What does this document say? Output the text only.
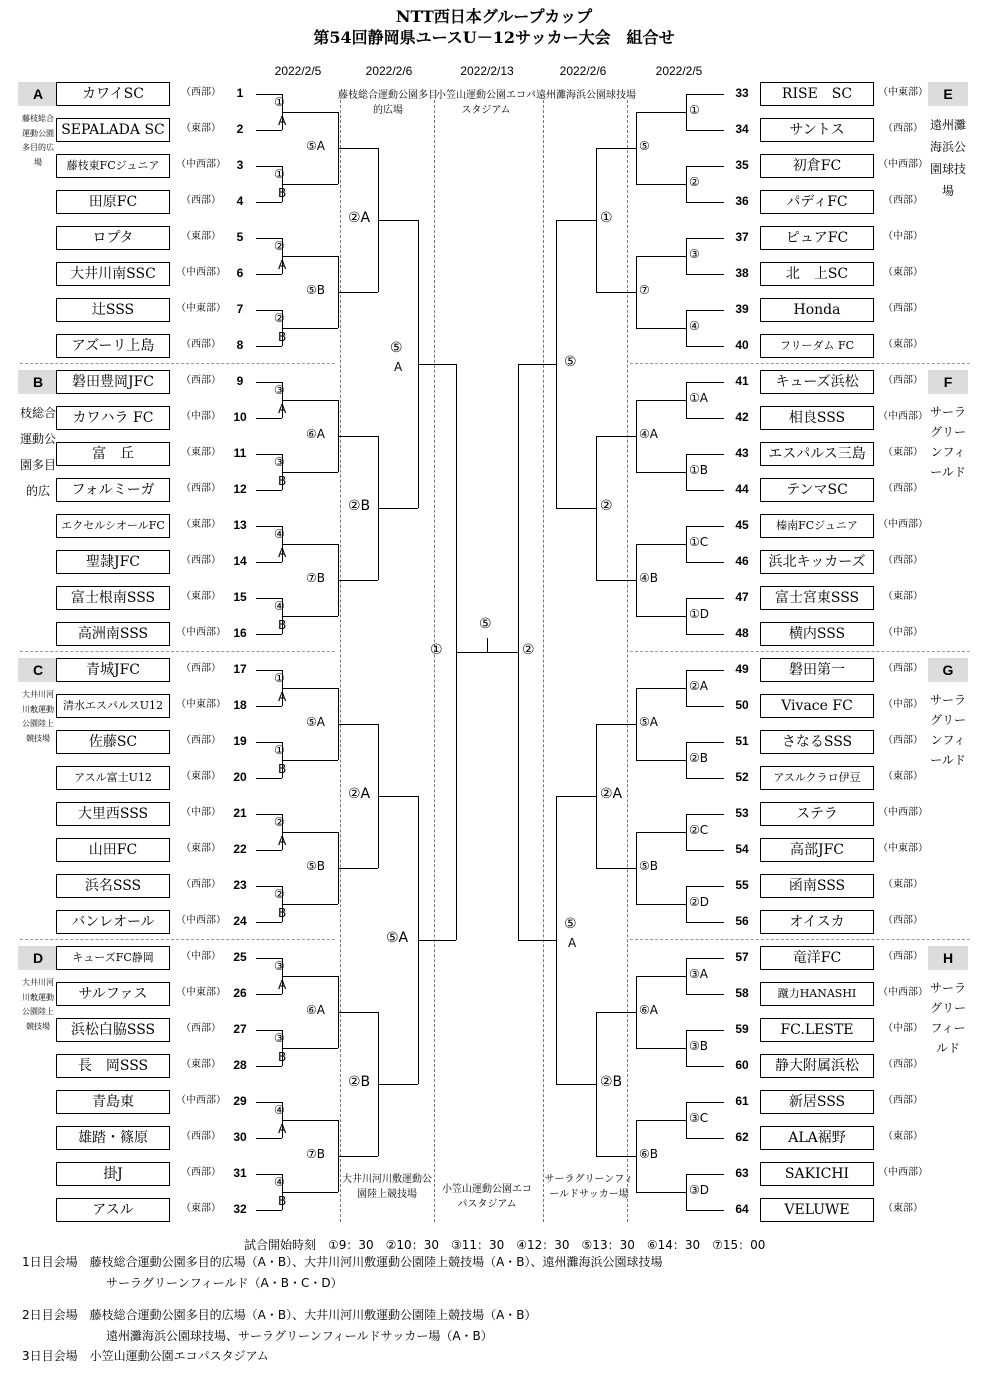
NTT西日本グループカップ
第54回静岡県ユースU－12サッカー大会　組合せ
2022/2/5	2022/2/6	2022/2/13	2022/2/6	2022/2/5
藤枝総合運動公園多目的広場
小笠山運動公園エコパスタジアム
遠州灘海浜公園球技場
大井川河川敷運動公園陸上競技場	小笠山運動公園エコパスタジアム
サーラグリーンフィールドサッカー場
試合開始時刻　①9：30　②10：30　③11：30　④12：30　⑤13：30　⑥14：30　⑦15：00
1日目会場　藤枝総合運動公園多目的広場（A・B）、大井川河川敷運動公園陸上競技場（A・B）、遠州灘海浜公園球技場
　　　　　　　サーラグリーンフィールド（A・B・C・D）
2日目会場　藤枝総合運動公園多目的広場（A・B）、大井川河川敷運動公園陸上競技場（A・B）
　　　　　　　遠州灘海浜公園球技場、サーラグリーンフィールドサッカー場（A・B）
3日目会場　小笠山運動公園エコパスタジアム
A
藤枝総合運動公園多目的広場
B
枝総合運動公園多目的広
C
大井川河川敷運動公園陸上競技場
D
大井川河川敷運動公園陸上競技場
E
遠州灘海浜公園球技場
F
サーラグリーンフィールド
G
サーラグリーンフィールド
H
サーラグリーフィールド
カワイSC	（西部）	1
SEPALADA SC	（東部）	2
藤枝東FCジュニア	（中西部） 3
田原FC	（西部）	4
ロプタ	（東部）	5
大井川南SSC	（中西部） 6
辻SSS	（中東部） 7
アズーリ上島	（西部）	8
磐田豊岡JFC	（西部）	9
カワハラ FC	（中部）	10
富　丘	（東部）	11
フォルミーガ	（西部）	12
エクセルシオールFC	（東部）	13
聖隷JFC	（西部）	14
富士根南SSS	（東部）	15
高洲南SSS	（中西部） 16
青城JFC	（西部）	17
清水エスパルスU12	（中東部） 18
佐藤SC	（西部）	19
アスル富士U12	（東部）	20
大里西SSS	（中部）	21
山田FC	（東部）	22
浜名SSS	（西部）	23
バンレオール	（中西部） 24
キューズFC静岡	（中部）	25
サルファス	（中東部） 26
浜松白脇SSS	（西部）	27
長　岡SSS	（東部）	28
青島東	（中西部） 29
雄踏・篠原	（西部）	30
掛J	（西部）	31
アスル	（東部）	32
33	RISE　SC	（中東部）
34	サントス	（西部）
35	初倉FC	（中西部）
36	パディFC	（西部）
37	ピュアFC	（中部）
38	北　上SC	（東部）
39	Honda	（西部）
40	フリーダム FC	（東部）
41	キューズ浜松	（西部）
42	相良SSS	（中西部）
43	エスパルス三島	（東部）
44	テンマSC	（西部）
45	榛南FCジュニア	（中西部）
46	浜北キッカーズ	（西部）
47	富士宮東SSS	（東部）
48	横内SSS	（中部）
49	磐田第一	（西部）
50	Vivace FC	（中部）
51	さなるSSS	（西部）
52	アスルクラロ伊豆	（東部）
53	ステラ	（中西部）
54	高部JFC	（中東部）
55	函南SSS	（東部）
56	オイスカ	（西部）
57	竜洋FC	（西部）
58	蹴力HANASHI	（中西部）
59	FC.LESTE	（中部）
60	静大附属浜松	（西部）
61	新居SSS	（西部）
62	ALA裾野	（東部）
63	SAKICHI	（中西部）
64	VELUWE	（東部）
①
A
①
B
②
A
②
B
③
A
③
B
④
A
④
B
①
A
①
B
②
A
②
B
③
A
③
B
④
A
④
B
⑤A
⑤B
⑥A
⑦B
⑤A
⑤B
⑥A
⑦B
②A
②B
②A
②B
⑤
A
⑤A
①
②
③
④
①A
①B
①C
①D
②A
②B
②C
②D
③A
③B
③C
③D
⑤
⑦
④A
④B
⑤A
⑤B
⑥A
⑥B
①
②
②A
②B
⑤
⑤
A
①	②
⑤
